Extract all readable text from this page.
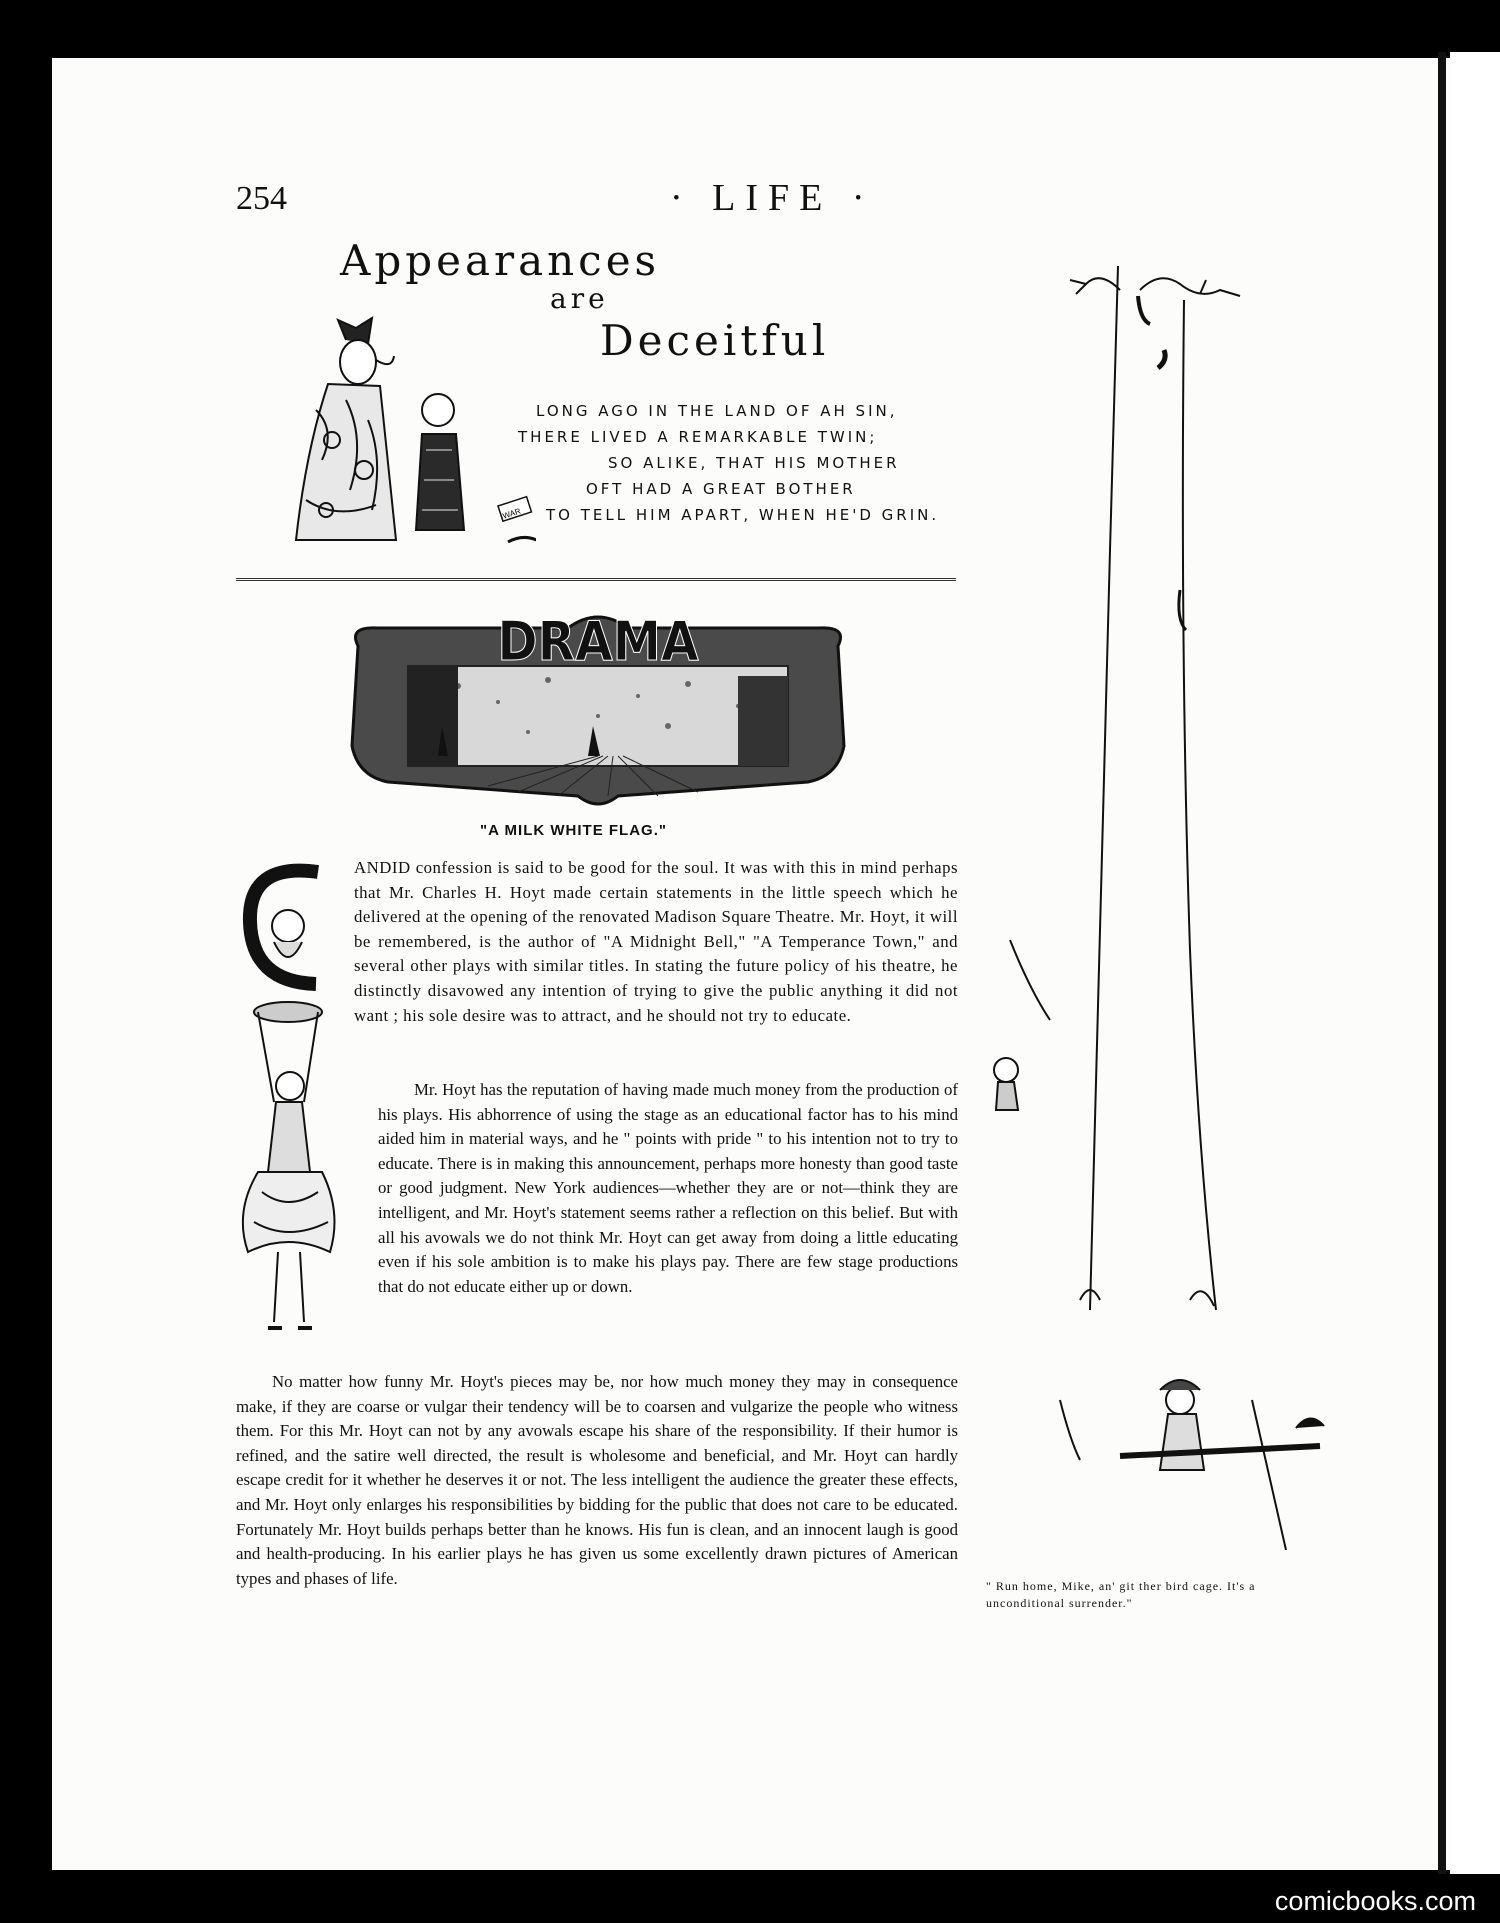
254	· LIFE ·
Appearances
are
Deceitful
WAR
LONG AGO IN THE LAND OF AH SIN,
THERE LIVED A REMARKABLE TWIN;
SO ALIKE, THAT HIS MOTHER
OFT HAD A GREAT BOTHER
TO TELL HIM APART, WHEN HE'D GRIN.
DRAMA
"A MILK WHITE FLAG."

ANDID confession is said to be good for the soul. It was with this in mind perhaps that Mr. Charles H. Hoyt made certain statements in the little speech which he delivered at the opening of the renovated Madison Square Theatre. Mr. Hoyt, it will be remembered, is the author of "A Midnight Bell," "A Temperance Town," and several other plays with similar titles. In stating the future policy of his theatre, he distinctly disavowed any intention of trying to give the public anything it did not want ; his sole desire was to attract, and he should not try to educate.

Mr. Hoyt has the reputation of having made much money from the production of his plays. His abhorrence of using the stage as an educational factor has to his mind aided him in material ways, and he " points with pride " to his intention not to try to educate. There is in making this announcement, perhaps more honesty than good taste or good judgment. New York audiences—whether they are or not—think they are intelligent, and Mr. Hoyt's statement seems rather a reflection on this belief. But with all his avowals we do not think Mr. Hoyt can get away from doing a little educating even if his sole ambition is to make his plays pay. There are few stage productions that do not educate either up or down.

No matter how funny Mr. Hoyt's pieces may be, nor how much money they may in consequence make, if they are coarse or vulgar their tendency will be to coarsen and vulgarize the people who witness them. For this Mr. Hoyt can not by any avowals escape his share of the responsibility. If their humor is refined, and the satire well directed, the result is wholesome and beneficial, and Mr. Hoyt can hardly escape credit for it whether he deserves it or not. The less intelligent the audience the greater these effects, and Mr. Hoyt only enlarges his responsibilities by bidding for the public that does not care to be educated. Fortunately Mr. Hoyt builds perhaps better than he knows. His fun is clean, and an innocent laugh is good and health-producing. In his earlier plays he has given us some excellently drawn pictures of American types and phases of life.	" Run home, Mike, an' git ther bird cage. It's a unconditional surrender."
comicbooks.com
